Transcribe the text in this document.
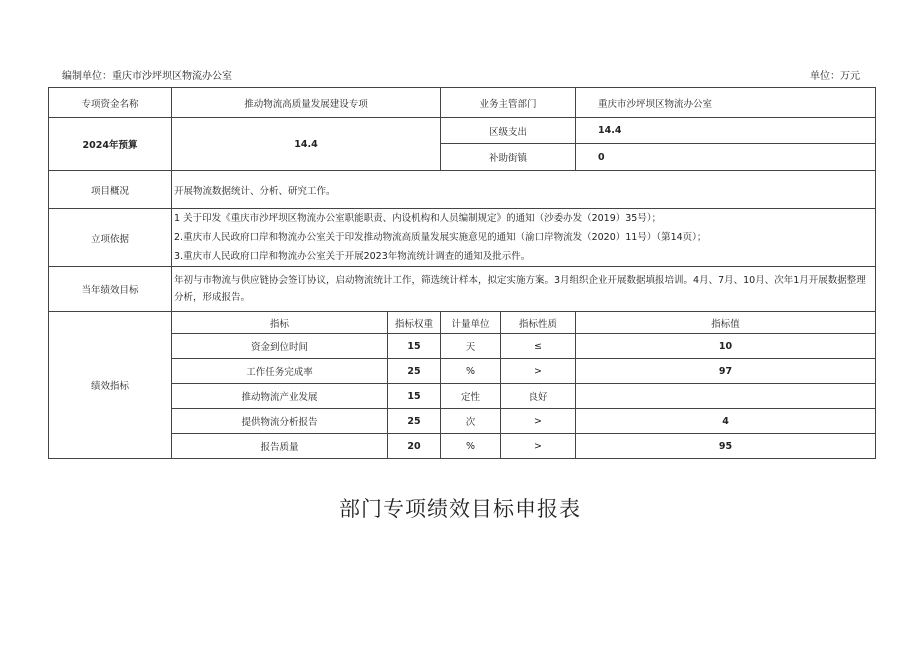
编制单位：重庆市沙坪坝区物流办公室	单位：万元
专项资金名称	推动物流高质量发展建设专项		业务主管部门		重庆市沙坪坝区物流办公室
2024年预算	14.4		区级支出		14.4
			补助街镇		0
项目概况	开展物流数据统计、分析、研究工作。				
立项依据	1 关于印发《重庆市沙坪坝区物流办公室职能职责、内设机构和人员编制规定》的通知（沙委办发（2019）35号）；
2.重庆市人民政府口岸和物流办公室关于印发推动物流高质量发展实施意见的通知（渝口岸物流发（2020）11号）（第14页）；
3.重庆市人民政府口岸和物流办公室关于开展2023年物流统计调查的通知及批示件。				

当年绩效目标	年初与市物流与供应链协会签订协议，启动物流统计工作，筛选统计样本，拟定实施方案。3月组织企业开展数据填报培训。4月、7月、10月、次年1月开展数据整理分析，形成报告。				
绩效指标	指标	指标权重	计量单位	指标性质	指标值
	资金到位时间	15	天	≤	10
	工作任务完成率	25	%	>	97
	推动物流产业发展	15	定性	良好	
	提供物流分析报告	25	次	>	4
	报告质量	20	%	>	95
部门专项绩效目标申报表
